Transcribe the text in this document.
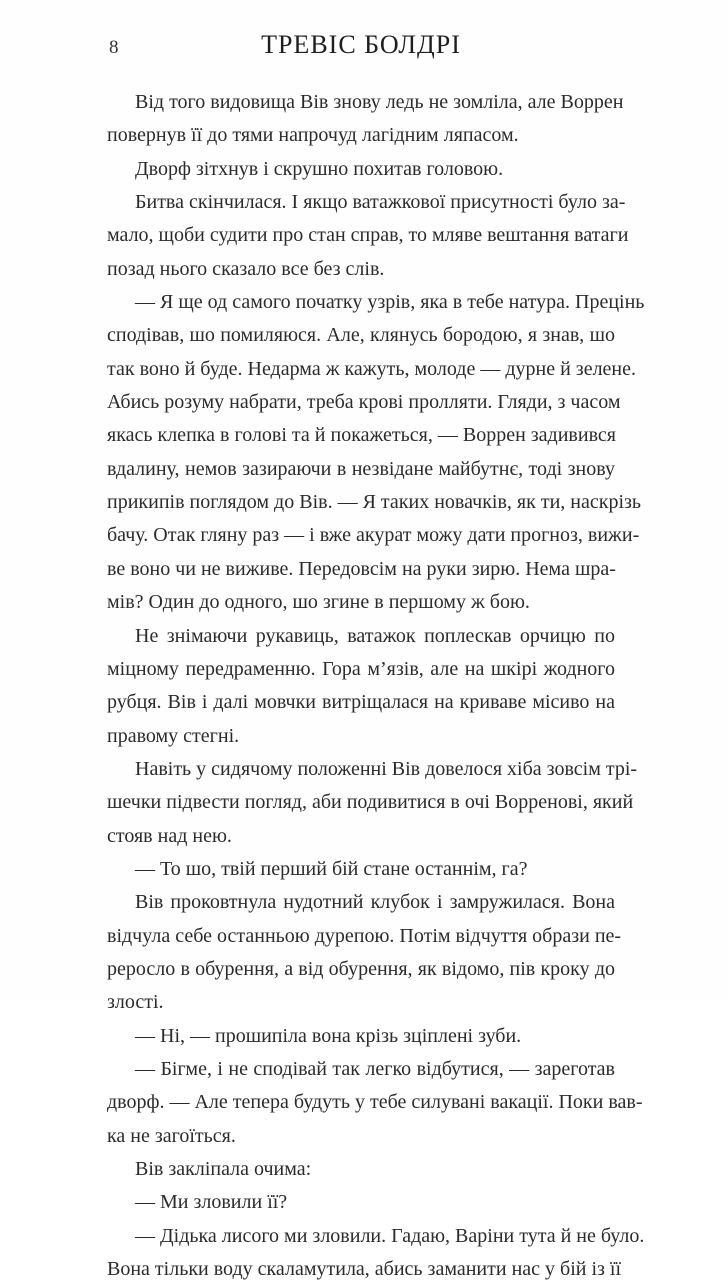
8	ТРЕВІС БОЛДРІ
Від того видовища Вів знову ледь не зомліла, але Воррен
повернув її до тями напрочуд лагідним ляпасом.
Дворф зітхнув і скрушно похитав головою.
Битва скінчилася. І якщо ватажкової присутності було за-
мало, щоби судити про стан справ, то мляве вештання ватаги
позад нього сказало все без слів.
— Я ще од самого початку узрів, яка в тебе натура. Прецінь
сподівав, шо помиляюся. Але, клянусь бородою, я знав, шо
так воно й буде. Недарма ж кажуть, молоде — дурне й зелене.
Абись розуму набрати, треба крові пролляти. Гляди, з часом
якась клепка в голові та й покажеться, — Воррен задивився
вдалину, немов зазираючи в незвідане майбутнє, тоді знову
прикипів поглядом до Вів. — Я таких новачків, як ти, наскрізь
бачу. Отак гляну раз — і вже акурат можу дати прогноз, вижи-
ве воно чи не виживе. Передовсім на руки зирю. Нема шра-
мів? Один до одного, шо згине в першому ж бою.
Не знімаючи рукавиць, ватажок поплескав орчицю по
міцному передраменню. Гора м’язів, але на шкірі жодного
рубця. Вів і далі мовчки витріщалася на криваве місиво на
правому стегні.
Навіть у сидячому положенні Вів довелося хіба зовсім трі-
шечки підвести погляд, аби подивитися в очі Ворренові, який
стояв над нею.
— То шо, твій перший бій стане останнім, га?
Вів проковтнула нудотний клубок і замружилася. Вона
відчула себе останньою дурепою. Потім відчуття образи пе-
реросло в обурення, а від обурення, як відомо, пів кроку до
злості.
— Ні, — прошипіла вона крізь зціплені зуби.
— Бігме, і не сподівай так легко відбутися, — зареготав
дворф. — Але тепера будуть у тебе силувані вакації. Поки вав-
ка не загоїться.
Вів закліпала очима:
— Ми зловили її?
— Дідька лисого ми зловили. Гадаю, Варіни тута й не було.
Вона тільки воду скаламутила, абись заманити нас у бій із її
